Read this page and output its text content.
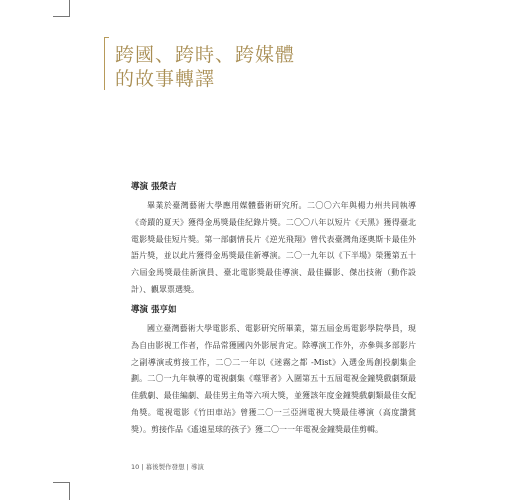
跨國、跨時、跨媒體
的故事轉譯
導演 張榮吉

畢業於臺灣藝術大學應用媒體藝術研究所。二〇〇六年與楊力州共同執導《奇蹟的夏天》獲得金馬獎最佳紀錄片獎。二〇〇八年以短片《天黑》獲得臺北電影獎最佳短片獎。第一部劇情長片《逆光飛翔》曾代表臺灣角逐奧斯卡最佳外語片獎，並以此片獲得金馬獎最佳新導演。二〇一九年以《下半場》榮獲第五十六屆金馬獎最佳新演員、臺北電影獎最佳導演、最佳攝影、傑出技術（動作設計）、觀眾票選獎。

導演 張亨如

國立臺灣藝術大學電影系、電影研究所畢業，第五屆金馬電影學院學員，現為自由影視工作者，作品常獲國內外影展肯定。除導演工作外，亦參與多部影片之副導演或剪接工作，二〇二一年以《迷霧之都 -Mist》入選金馬創投劇集企劃。二〇一九年執導的電視劇集《噬罪者》入圍第五十五屆電視金鐘獎戲劇類最佳戲劇、最佳編劇、最佳男主角等六項大獎，並獲該年度金鐘獎戲劇類最佳女配角獎。電視電影《竹田車站》曾獲二〇一三亞洲電視大獎最佳導演（高度讚賞獎）。剪接作品《遙遠星球的孩子》獲二〇一一年電視金鐘獎最佳剪輯。

10 | 幕後製作發想 | 導演
